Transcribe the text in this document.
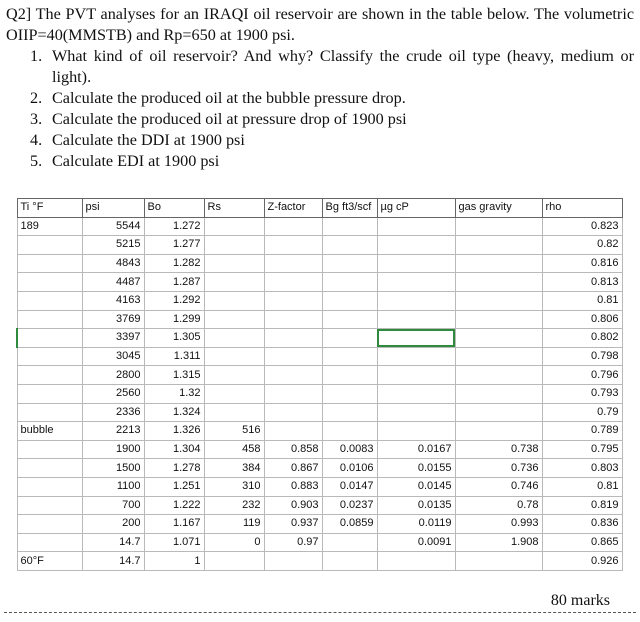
Q2] The PVT analyses for an IRAQI oil reservoir are shown in the table below. The volumetric OIIP=40(MMSTB) and Rp=650 at 1900 psi.

1. What kind of oil reservoir? And why? Classify the crude oil type (heavy, medium or light).
2. Calculate the produced oil at the bubble pressure drop.
3. Calculate the produced oil at pressure drop of 1900 psi
4. Calculate the DDI at 1900 psi
5. Calculate EDI at 1900 psi
Ti °F	psi	Bo	Rs	Z-factor	Bg ft3/scf	µg cP	gas gravity	rho
189	5544	1.272						0.823
	5215	1.277						0.82
	4843	1.282						0.816
	4487	1.287						0.813
	4163	1.292						0.81
	3769	1.299						0.806
	3397	1.305						0.802
	3045	1.311						0.798
	2800	1.315						0.796
	2560	1.32						0.793
	2336	1.324						0.79
bubble	2213	1.326	516					0.789
	1900	1.304	458	0.858	0.0083	0.0167	0.738	0.795
	1500	1.278	384	0.867	0.0106	0.0155	0.736	0.803
	1100	1.251	310	0.883	0.0147	0.0145	0.746	0.81
	700	1.222	232	0.903	0.0237	0.0135	0.78	0.819
	200	1.167	119	0.937	0.0859	0.0119	0.993	0.836
	14.7	1.071	0	0.97		0.0091	1.908	0.865
60°F	14.7	1						0.926
80 marks
